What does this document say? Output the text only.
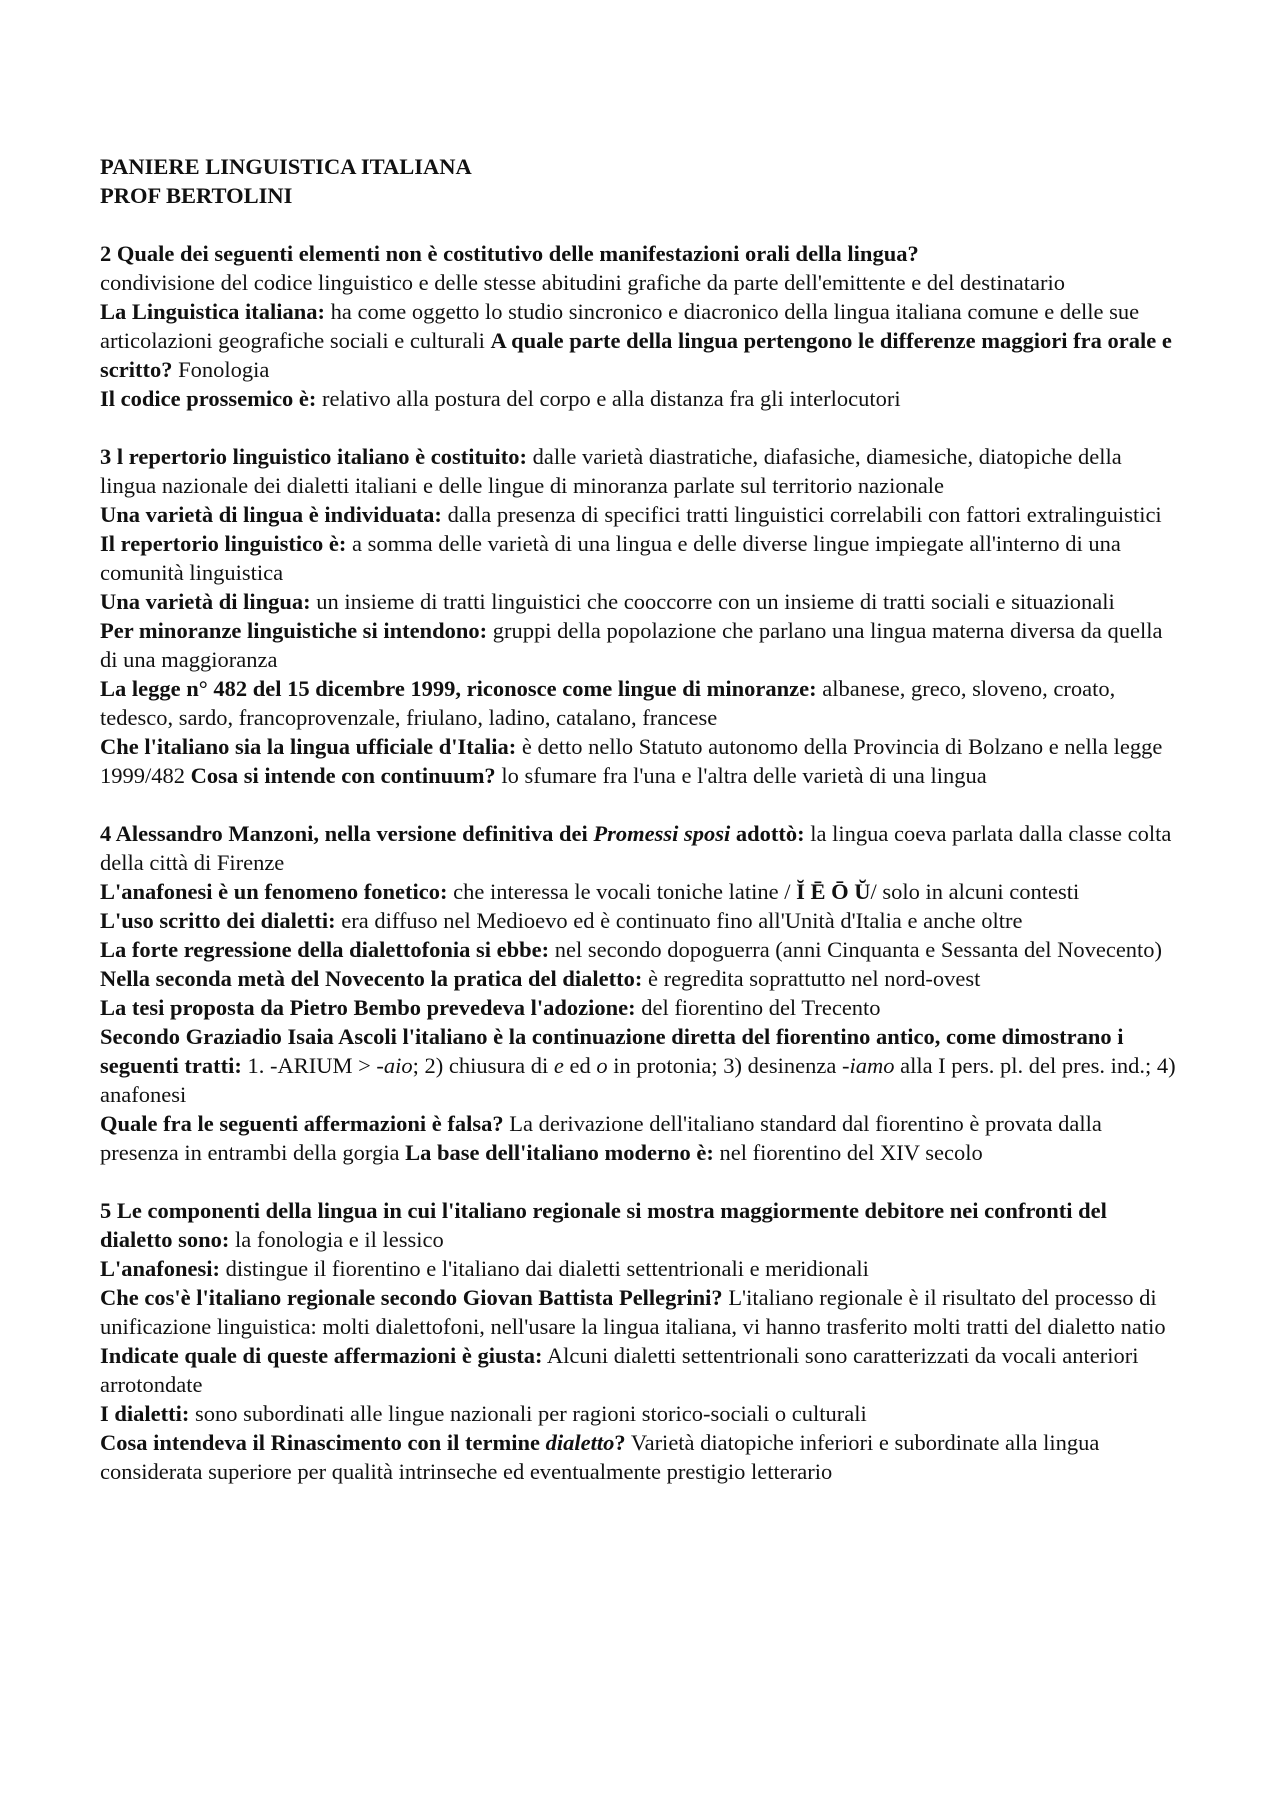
PANIERE LINGUISTICA ITALIANA
PROF BERTOLINI

2 Quale dei seguenti elementi non è costitutivo delle manifestazioni orali della lingua?
condivisione del codice linguistico e delle stesse abitudini grafiche da parte dell'emittente e del destinatario

La Linguistica italiana: ha come oggetto lo studio sincronico e diacronico della lingua italiana comune e delle sue articolazioni geografiche sociali e culturali A quale parte della lingua pertengono le differenze maggiori fra orale e scritto? Fonologia

Il codice prossemico è: relativo alla postura del corpo e alla distanza fra gli interlocutori

3 l repertorio linguistico italiano è costituito: dalle varietà diastratiche, diafasiche, diamesiche, diatopiche della lingua nazionale dei dialetti italiani e delle lingue di minoranza parlate sul territorio nazionale

Una varietà di lingua è individuata: dalla presenza di specifici tratti linguistici correlabili con fattori extralinguistici

Il repertorio linguistico è: a somma delle varietà di una lingua e delle diverse lingue impiegate all'interno di una comunità linguistica

Una varietà di lingua: un insieme di tratti linguistici che cooccorre con un insieme di tratti sociali e situazionali

Per minoranze linguistiche si intendono: gruppi della popolazione che parlano una lingua materna diversa da quella di una maggioranza

La legge n° 482 del 15 dicembre 1999, riconosce come lingue di minoranze: albanese, greco, sloveno, croato, tedesco, sardo, francoprovenzale, friulano, ladino, catalano, francese

Che l'italiano sia la lingua ufficiale d'Italia: è detto nello Statuto autonomo della Provincia di Bolzano e nella legge 1999/482 Cosa si intende con continuum? lo sfumare fra l'una e l'altra delle varietà di una lingua

4 Alessandro Manzoni, nella versione definitiva dei Promessi sposi adottò: la lingua coeva parlata dalla classe colta della città di Firenze

L'anafonesi è un fenomeno fonetico: che interessa le vocali toniche latine / Ĭ Ē Ō Ŭ/ solo in alcuni contesti

L'uso scritto dei dialetti: era diffuso nel Medioevo ed è continuato fino all'Unità d'Italia e anche oltre

La forte regressione della dialettofonia si ebbe: nel secondo dopoguerra (anni Cinquanta e Sessanta del Novecento)

Nella seconda metà del Novecento la pratica del dialetto: è regredita soprattutto nel nord-ovest

La tesi proposta da Pietro Bembo prevedeva l'adozione: del fiorentino del Trecento

Secondo Graziadio Isaia Ascoli l'italiano è la continuazione diretta del fiorentino antico, come dimostrano i seguenti tratti: 1. -ARIUM > -aio; 2) chiusura di e ed o in protonia; 3) desinenza -iamo alla I pers. pl. del pres. ind.; 4) anafonesi

Quale fra le seguenti affermazioni è falsa? La derivazione dell'italiano standard dal fiorentino è provata dalla presenza in entrambi della gorgia La base dell'italiano moderno è: nel fiorentino del XIV secolo

5 Le componenti della lingua in cui l'italiano regionale si mostra maggiormente debitore nei confronti del dialetto sono: la fonologia e il lessico

L'anafonesi: distingue il fiorentino e l'italiano dai dialetti settentrionali e meridionali

Che cos'è l'italiano regionale secondo Giovan Battista Pellegrini? L'italiano regionale è il risultato del processo di unificazione linguistica: molti dialettofoni, nell'usare la lingua italiana, vi hanno trasferito molti tratti del dialetto natio

Indicate quale di queste affermazioni è giusta: Alcuni dialetti settentrionali sono caratterizzati da vocali anteriori arrotondate

I dialetti: sono subordinati alle lingue nazionali per ragioni storico-sociali o culturali

Cosa intendeva il Rinascimento con il termine dialetto? Varietà diatopiche inferiori e subordinate alla lingua considerata superiore per qualità intrinseche ed eventualmente prestigio letterario
